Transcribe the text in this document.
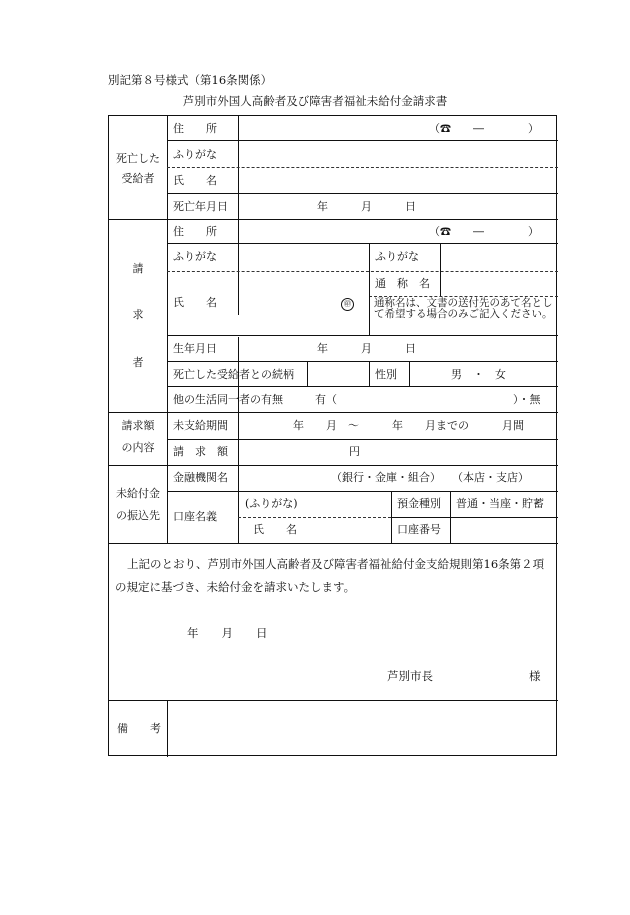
別記第８号様式（第16条関係）
芦別市外国人高齢者及び障害者福祉未給付金請求書
死亡した
受給者
住　　所	（☎　　―　　　　）
ふりがな
氏　　名
死亡年月日	年　　　月　　　日
請
求
者
住　　所	（☎　　―　　　　）
ふりがな	ふりがな
通　称　名
氏　　名	㊞ 通称名は、文書の送付先のあて名として希望する場合のみご記入ください。
生年月日	年　　　月　　　日
死亡した受給者との続柄	性別	男　・　女
他の生活同一者の有無	有（	）・無
請求額
の内容
未支給期間	年　　月　〜　　　年　　月までの　　　月間
請　求　額	円
未給付金
の振込先
金融機関名	（銀行・金庫・組合）　　（本店・支店）
口座名義
(ふりがな)
氏　　名
預金種別 普通・当座・貯蓄
口座番号
上記のとおり、芦別市外国人高齢者及び障害者福祉給付金支給規則第16条第２項
の規定に基づき、未給付金を請求いたします。
年　　月　　日
芦別市長	様
備　　考
